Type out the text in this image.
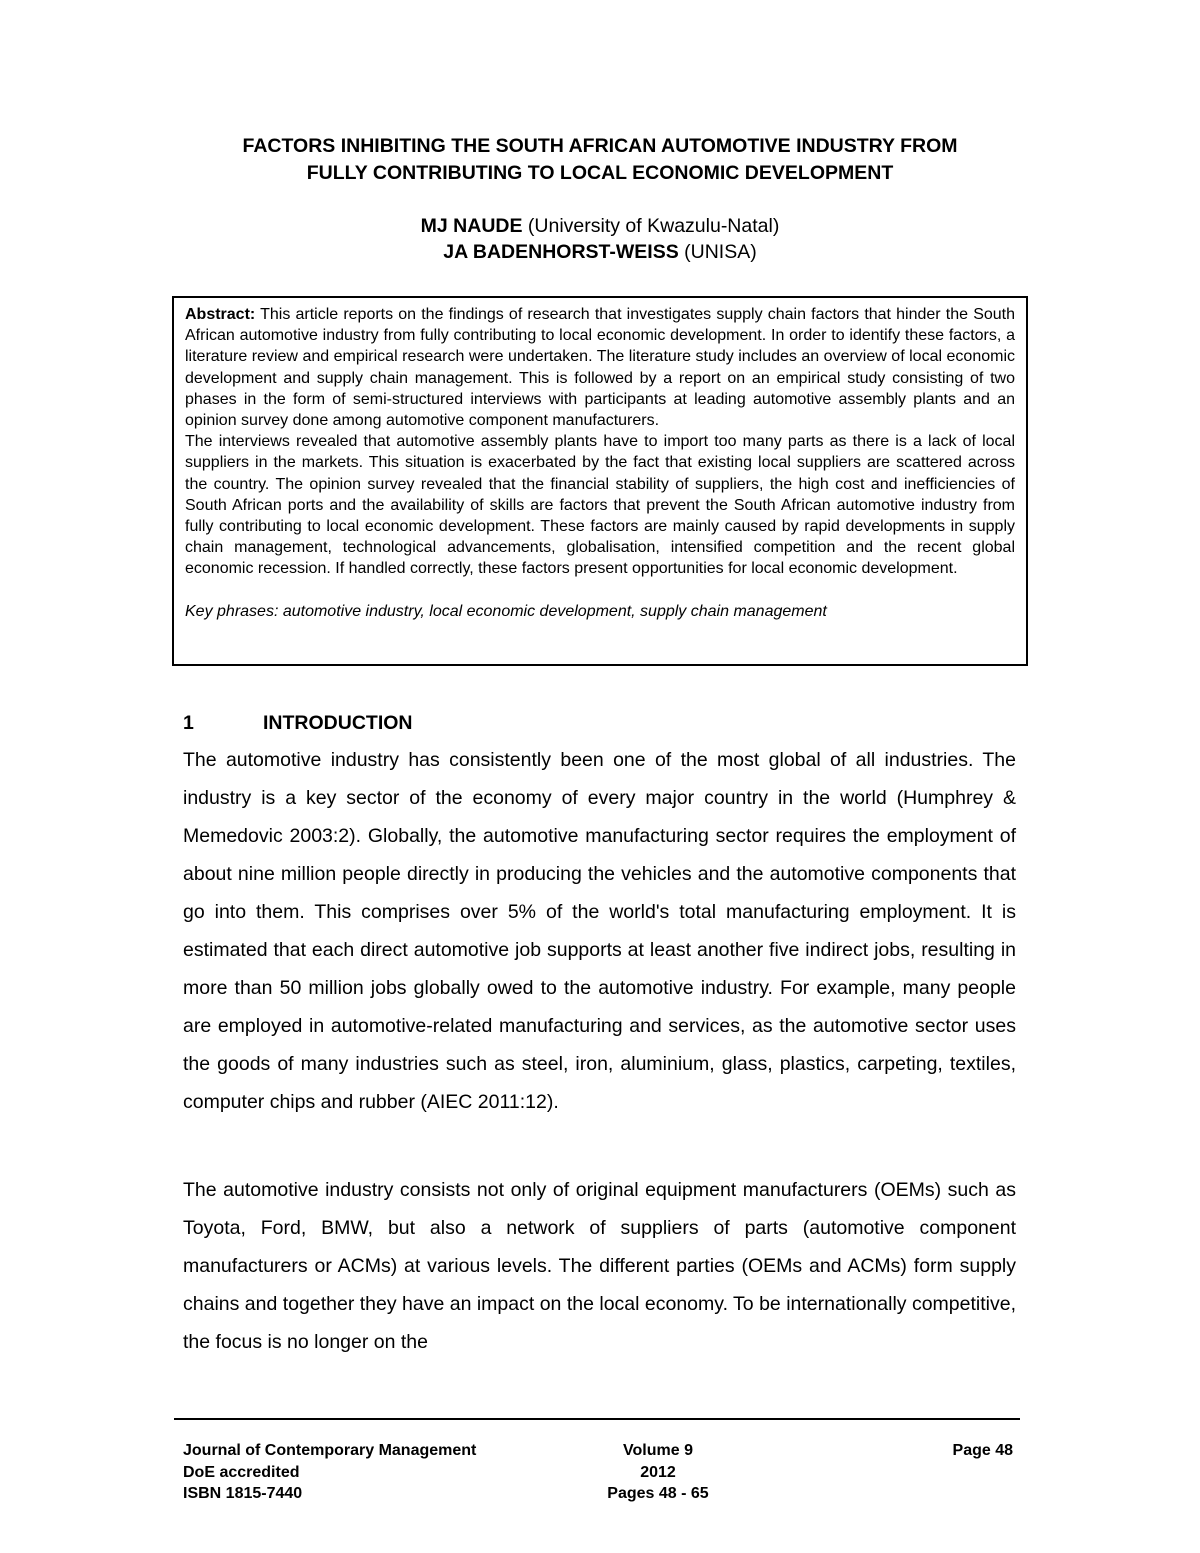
FACTORS INHIBITING THE SOUTH AFRICAN AUTOMOTIVE INDUSTRY FROM
FULLY CONTRIBUTING TO LOCAL ECONOMIC DEVELOPMENT
MJ NAUDE (University of Kwazulu-Natal)
JA BADENHORST-WEISS (UNISA)

Abstract: This article reports on the findings of research that investigates supply chain factors that hinder the South African automotive industry from fully contributing to local economic development. In order to identify these factors, a literature review and empirical research were undertaken. The literature study includes an overview of local economic development and supply chain management. This is followed by a report on an empirical study consisting of two phases in the form of semi-structured interviews with participants at leading automotive assembly plants and an opinion survey done among automotive component manufacturers.

The interviews revealed that automotive assembly plants have to import too many parts as there is a lack of local suppliers in the markets. This situation is exacerbated by the fact that existing local suppliers are scattered across the country. The opinion survey revealed that the financial stability of suppliers, the high cost and inefficiencies of South African ports and the availability of skills are factors that prevent the South African automotive industry from fully contributing to local economic development. These factors are mainly caused by rapid developments in supply chain management, technological advancements, globalisation, intensified competition and the recent global economic recession. If handled correctly, these factors present opportunities for local economic development.

Key phrases: automotive industry, local economic development, supply chain management

1	INTRODUCTION

The automotive industry has consistently been one of the most global of all industries. The industry is a key sector of the economy of every major country in the world (Humphrey & Memedovic 2003:2). Globally, the automotive manufacturing sector requires the employment of about nine million people directly in producing the vehicles and the automotive components that go into them. This comprises over 5% of the world's total manufacturing employment. It is estimated that each direct automotive job supports at least another five indirect jobs, resulting in more than 50 million jobs globally owed to the automotive industry. For example, many people are employed in automotive-related manufacturing and services, as the automotive sector uses the goods of many industries such as steel, iron, aluminium, glass, plastics, carpeting, textiles, computer chips and rubber (AIEC 2011:12).

The automotive industry consists not only of original equipment manufacturers (OEMs) such as Toyota, Ford, BMW, but also a network of suppliers of parts (automotive component manufacturers or ACMs) at various levels. The different parties (OEMs and ACMs) form supply chains and together they have an impact on the local economy. To be internationally competitive, the focus is no longer on the

Journal of Contemporary Management
DoE accredited
ISBN 1815-7440
Volume 9
2012
Pages 48 - 65
Page 48
